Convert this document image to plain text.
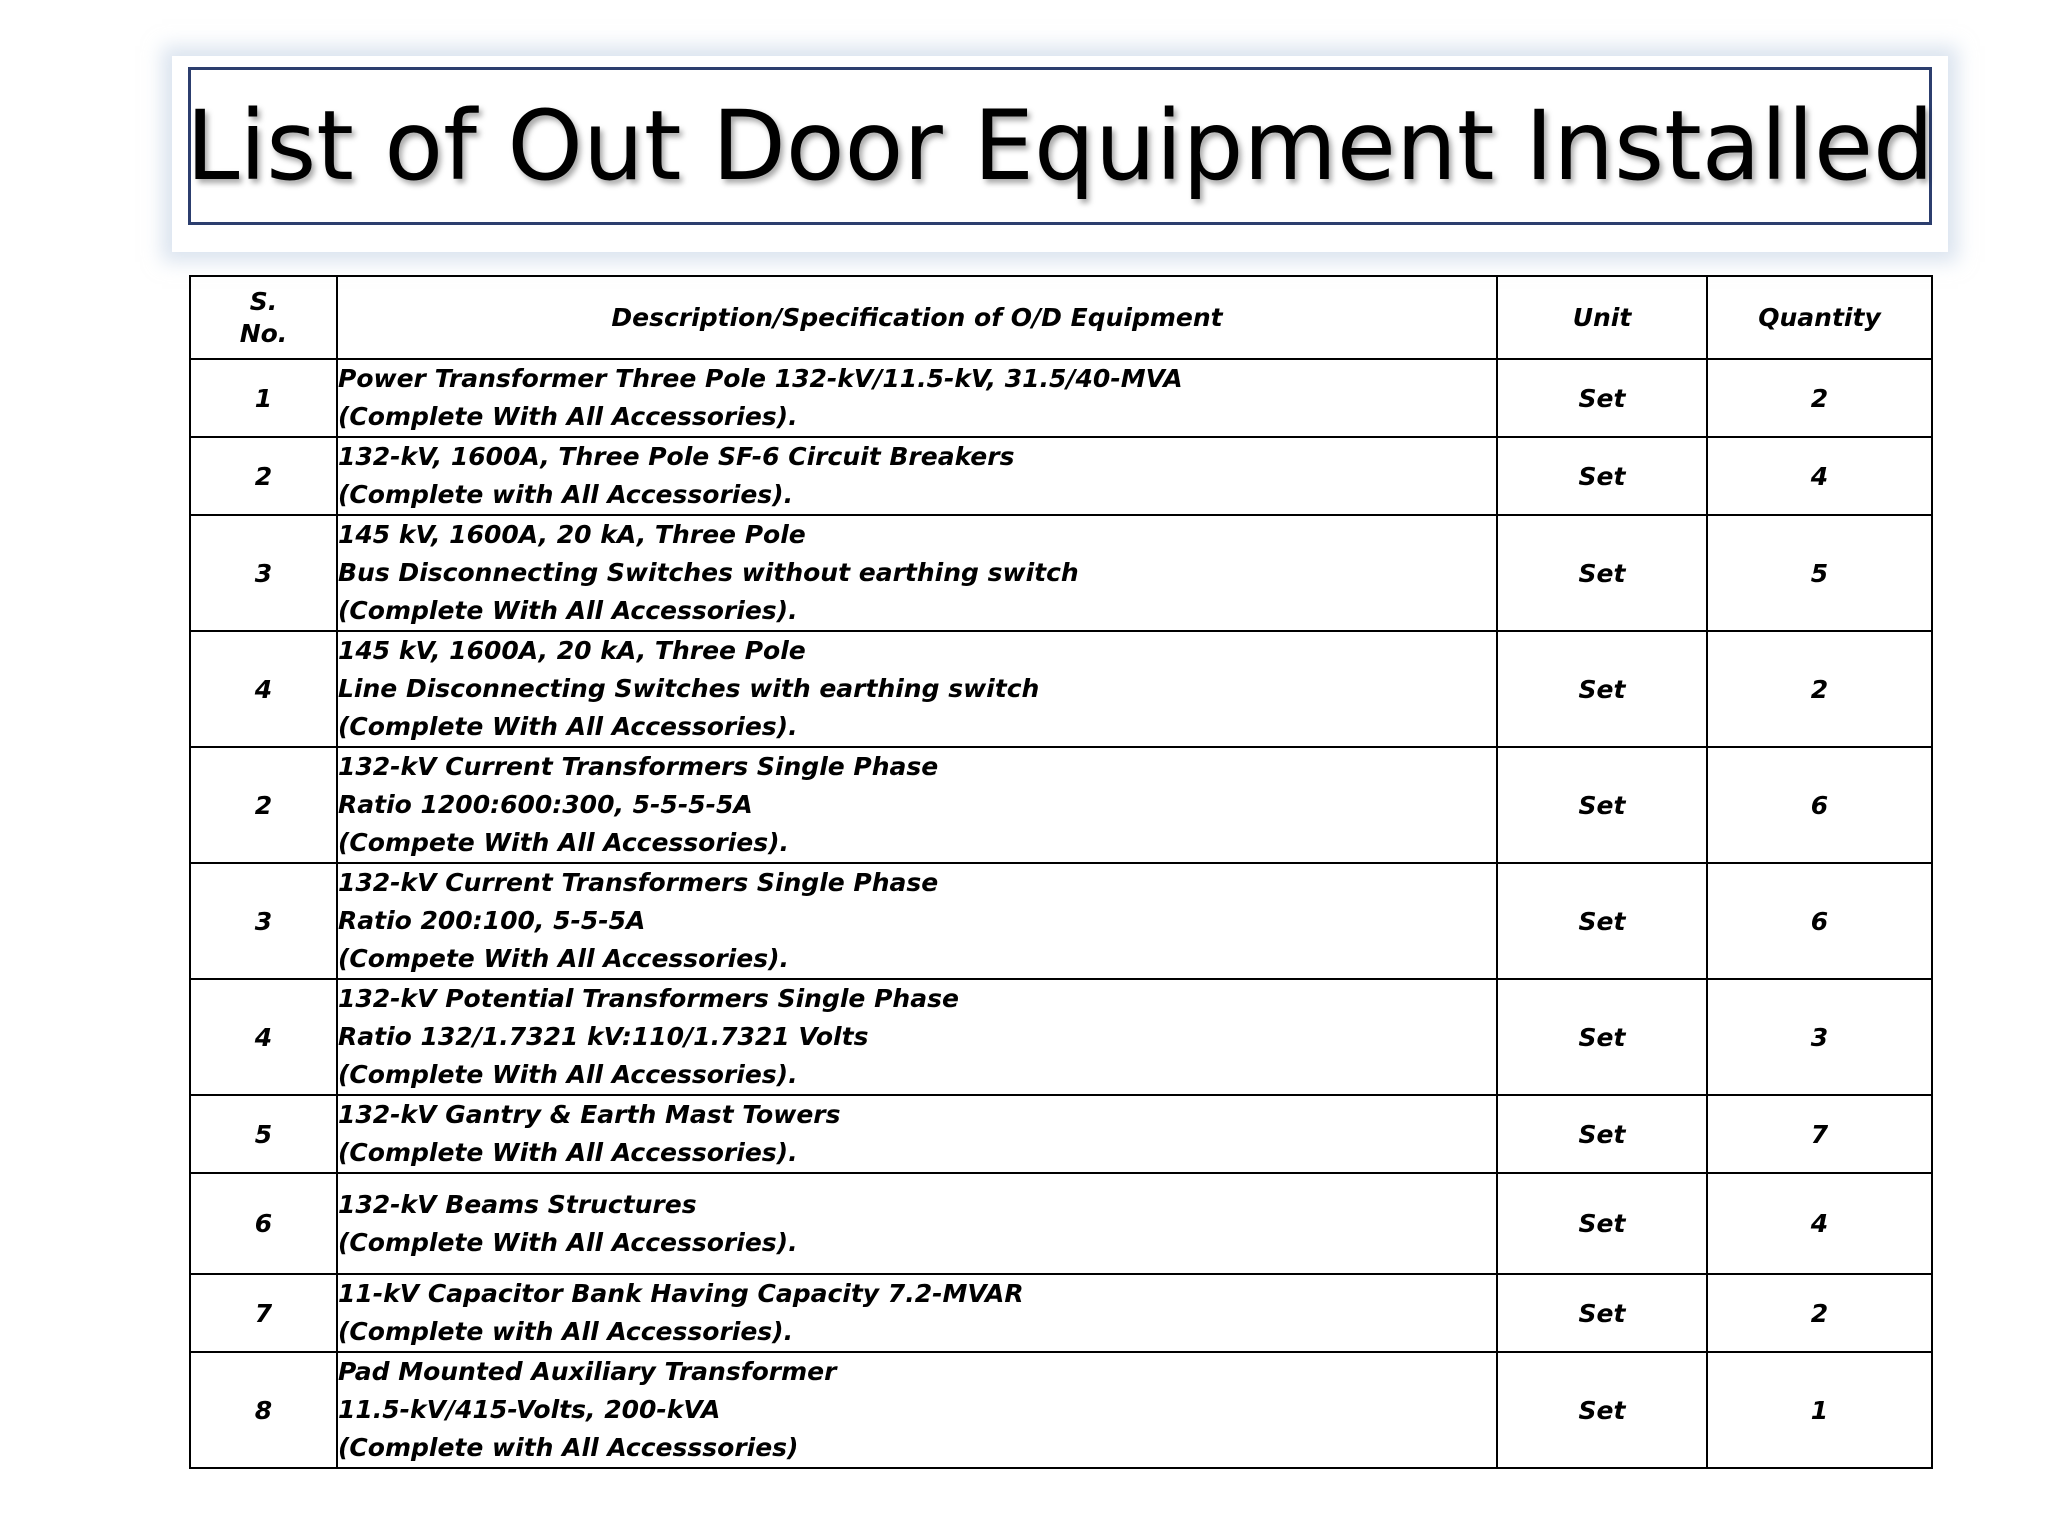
List of Out Door Equipment Installed
S.
No.	Description/Specification of O/D Equipment	Unit	Quantity
1	Power Transformer Three Pole 132-kV/11.5-kV, 31.5/40-MVA
(Complete With All Accessories).	Set	2
2	132-kV, 1600A, Three Pole SF-6 Circuit Breakers
(Complete with All Accessories).	Set	4
3	145 kV, 1600A, 20 kA, Three Pole
Bus Disconnecting Switches without earthing switch
(Complete With All Accessories).	Set	5
4	145 kV, 1600A, 20 kA, Three Pole
Line Disconnecting Switches with earthing switch
(Complete With All Accessories).	Set	2
2	132-kV Current Transformers Single Phase
Ratio 1200:600:300, 5-5-5-5A
(Compete With All Accessories).	Set	6
3	132-kV Current Transformers Single Phase
Ratio 200:100, 5-5-5A
(Compete With All Accessories).	Set	6
4	132-kV Potential Transformers Single Phase
Ratio 132/1.7321 kV:110/1.7321 Volts
(Complete With All Accessories).	Set	3
5	132-kV Gantry & Earth Mast Towers
(Complete With All Accessories).	Set	7
6	132-kV Beams Structures
(Complete With All Accessories).	Set	4
7	11-kV Capacitor Bank Having Capacity 7.2-MVAR
(Complete with All Accessories).	Set	2
8	Pad Mounted Auxiliary Transformer
11.5-kV/415-Volts, 200-kVA
(Complete with All Accesssories)	Set	1
